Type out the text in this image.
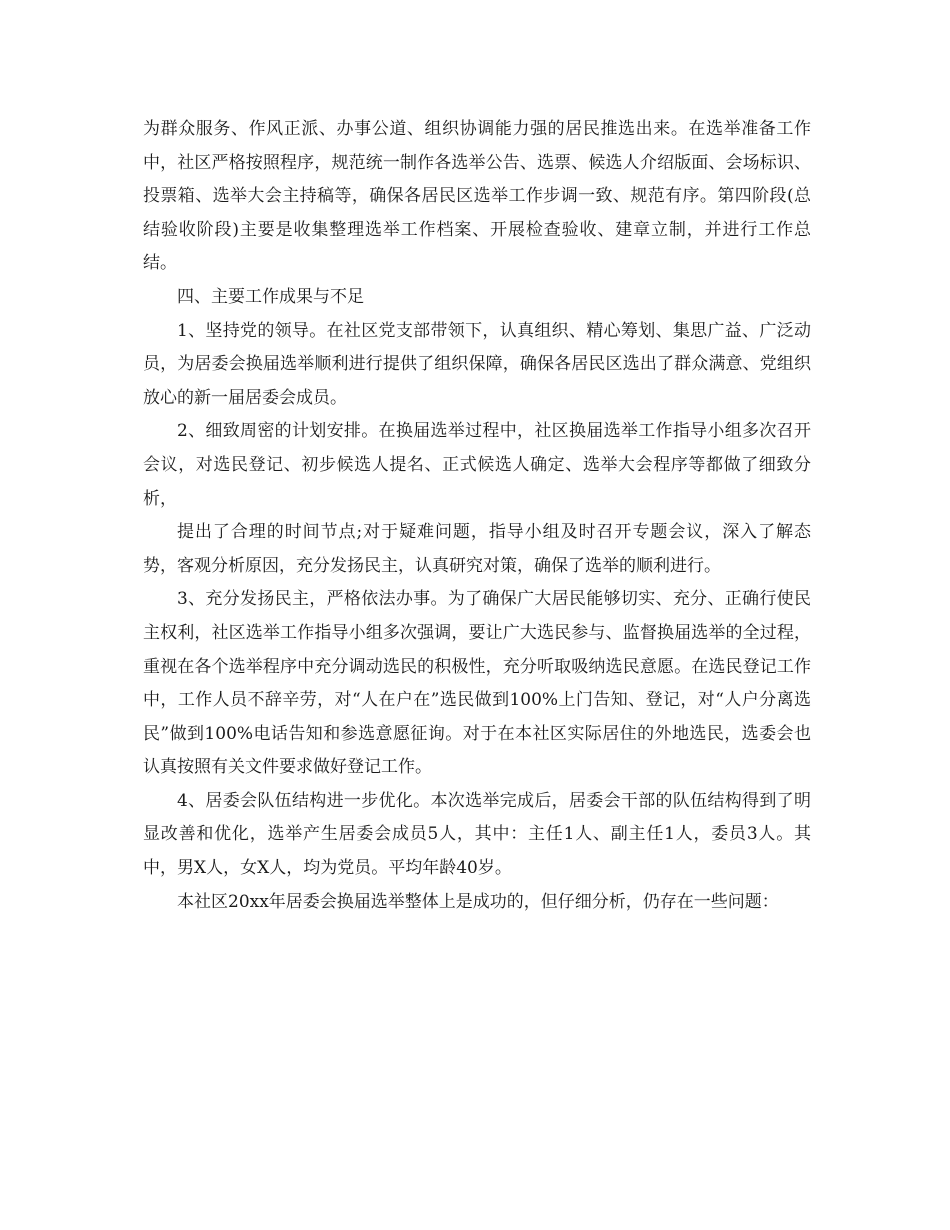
为群众服务、作风正派、办事公道、组织协调能力强的居民推选出来。在选举准备工作中，社区严格按照程序，规范统一制作各选举公告、选票、候选人介绍版面、会场标识、投票箱、选举大会主持稿等，确保各居民区选举工作步调一致、规范有序。第四阶段(总结验收阶段)主要是收集整理选举工作档案、开展检查验收、建章立制，并进行工作总结。

四、主要工作成果与不足

1、坚持党的领导。在社区党支部带领下，认真组织、精心筹划、集思广益、广泛动员，为居委会换届选举顺利进行提供了组织保障，确保各居民区选出了群众满意、党组织放心的新一届居委会成员。

2、细致周密的计划安排。在换届选举过程中，社区换届选举工作指导小组多次召开会议，对选民登记、初步候选人提名、正式候选人确定、选举大会程序等都做了细致分析，

提出了合理的时间节点;对于疑难问题，指导小组及时召开专题会议，深入了解态势，客观分析原因，充分发扬民主，认真研究对策，确保了选举的顺利进行。

3、充分发扬民主，严格依法办事。为了确保广大居民能够切实、充分、正确行使民主权利，社区选举工作指导小组多次强调，要让广大选民参与、监督换届选举的全过程，重视在各个选举程序中充分调动选民的积极性，充分听取吸纳选民意愿。在选民登记工作中，工作人员不辞辛劳，对“人在户在”选民做到100%上门告知、登记，对“人户分离选民”做到100%电话告知和参选意愿征询。对于在本社区实际居住的外地选民，选委会也认真按照有关文件要求做好登记工作。

4、居委会队伍结构进一步优化。本次选举完成后，居委会干部的队伍结构得到了明显改善和优化，选举产生居委会成员5人，其中：主任1人、副主任1人，委员3人。其中，男X人，女X人，均为党员。平均年龄40岁。

本社区20xx年居委会换届选举整体上是成功的，但仔细分析，仍存在一些问题：
